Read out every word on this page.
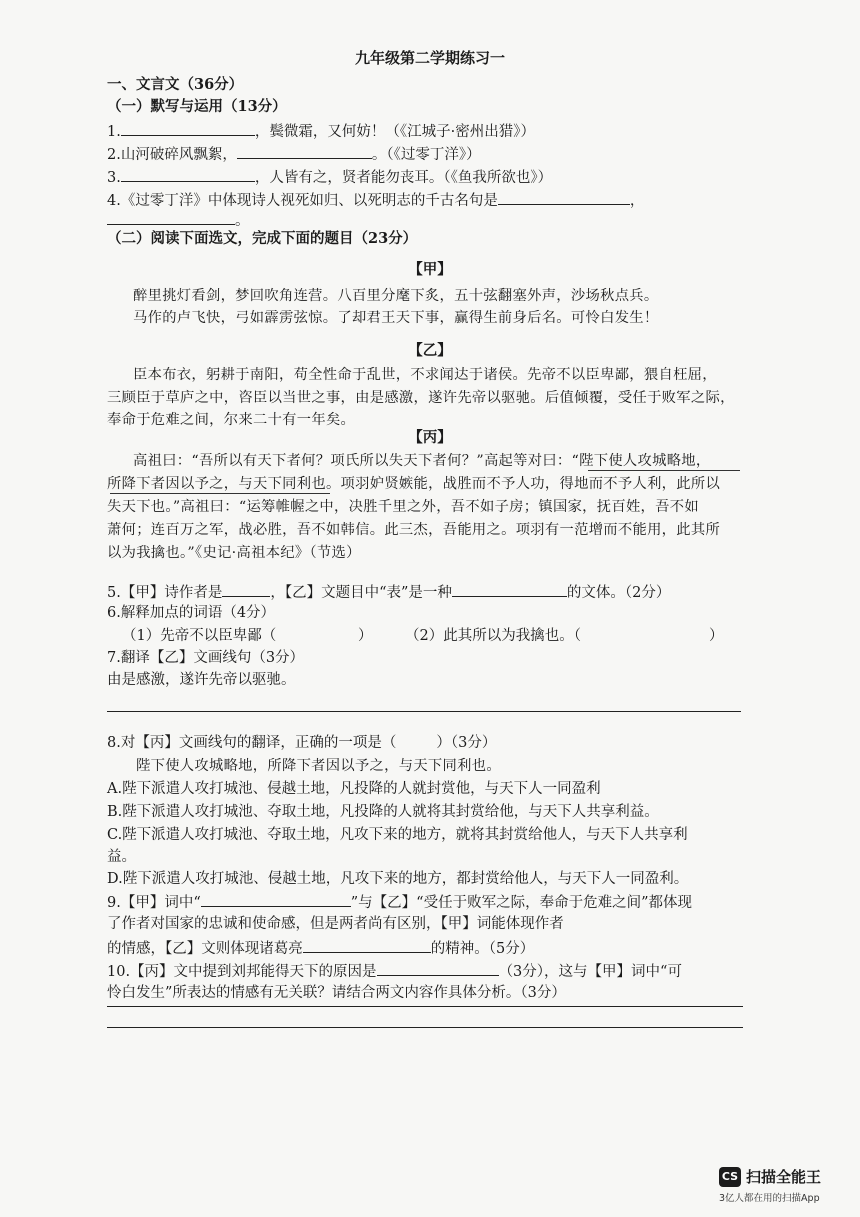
九年级第二学期练习一
一、文言文（36分）
（一）默写与运用（13分）
1.	，鬓微霜，又何妨！（《江城子·密州出猎》）
2.山河破碎风飘絮，	。（《过零丁洋》）
3.	，人皆有之，贤者能勿丧耳。（《鱼我所欲也》）
4.《过零丁洋》中体现诗人视死如归、以死明志的千古名句是	，
。
（二）阅读下面选文，完成下面的题目（23分）
【甲】
醉里挑灯看剑，梦回吹角连营。八百里分麾下炙，五十弦翻塞外声，沙场秋点兵。
马作的卢飞快，弓如霹雳弦惊。了却君王天下事，赢得生前身后名。可怜白发生！
【乙】
臣本布衣，躬耕于南阳，苟全性命于乱世，不求闻达于诸侯。先帝不以臣卑鄙，猥自枉屈，
三顾臣于草庐之中，咨臣以当世之事，由是感激，遂许先帝以驱驰。后值倾覆，受任于败军之际，
奉命于危难之间，尔来二十有一年矣。
【丙】
高祖曰：“吾所以有天下者何？项氏所以失天下者何？”高起等对曰：“陛下使人攻城略地，
所降下者因以予之，与天下同利也。项羽妒贤嫉能，战胜而不予人功，得地而不予人利，此所以
失天下也。”高祖曰：“运筹帷幄之中，决胜千里之外，吾不如子房；镇国家，抚百姓，吾不如
萧何；连百万之军，战必胜，吾不如韩信。此三杰，吾能用之。项羽有一范增而不能用，此其所
以为我擒也。”《史记·高祖本纪》（节选）
5.【甲】诗作者是	，【乙】文题目中“表”是一种	的文体。（2分）
6.解释加点的词语（4分）
（1）先帝不以臣卑鄙（	） （2）此其所以为我擒也。（	）
7.翻译【乙】文画线句（3分）
由是感激，遂许先帝以驱驰。
8.对【丙】文画线句的翻译，正确的一项是（	）（3分）
陛下使人攻城略地，所降下者因以予之，与天下同利也。
A.陛下派遣人攻打城池、侵越土地，凡投降的人就封赏他，与天下人一同盈利
B.陛下派遣人攻打城池、夺取土地，凡投降的人就将其封赏给他，与天下人共享利益。
C.陛下派遣人攻打城池、夺取土地，凡攻下来的地方，就将其封赏给他人，与天下人共享利
益。
D.陛下派遣人攻打城池、侵越土地，凡攻下来的地方，都封赏给他人，与天下人一同盈利。
9.【甲】词中“	”与【乙】“受任于败军之际，奉命于危难之间”都体现
了作者对国家的忠诚和使命感，但是两者尚有区别，【甲】词能体现作者
的情感，【乙】文则体现诸葛亮	的精神。（5分）
10.【丙】文中提到刘邦能得天下的原因是	（3分），这与【甲】词中“可
怜白发生”所表达的情感有无关联？请结合两文内容作具体分析。（3分）
CS 扫描全能王
3亿人都在用的扫描App
